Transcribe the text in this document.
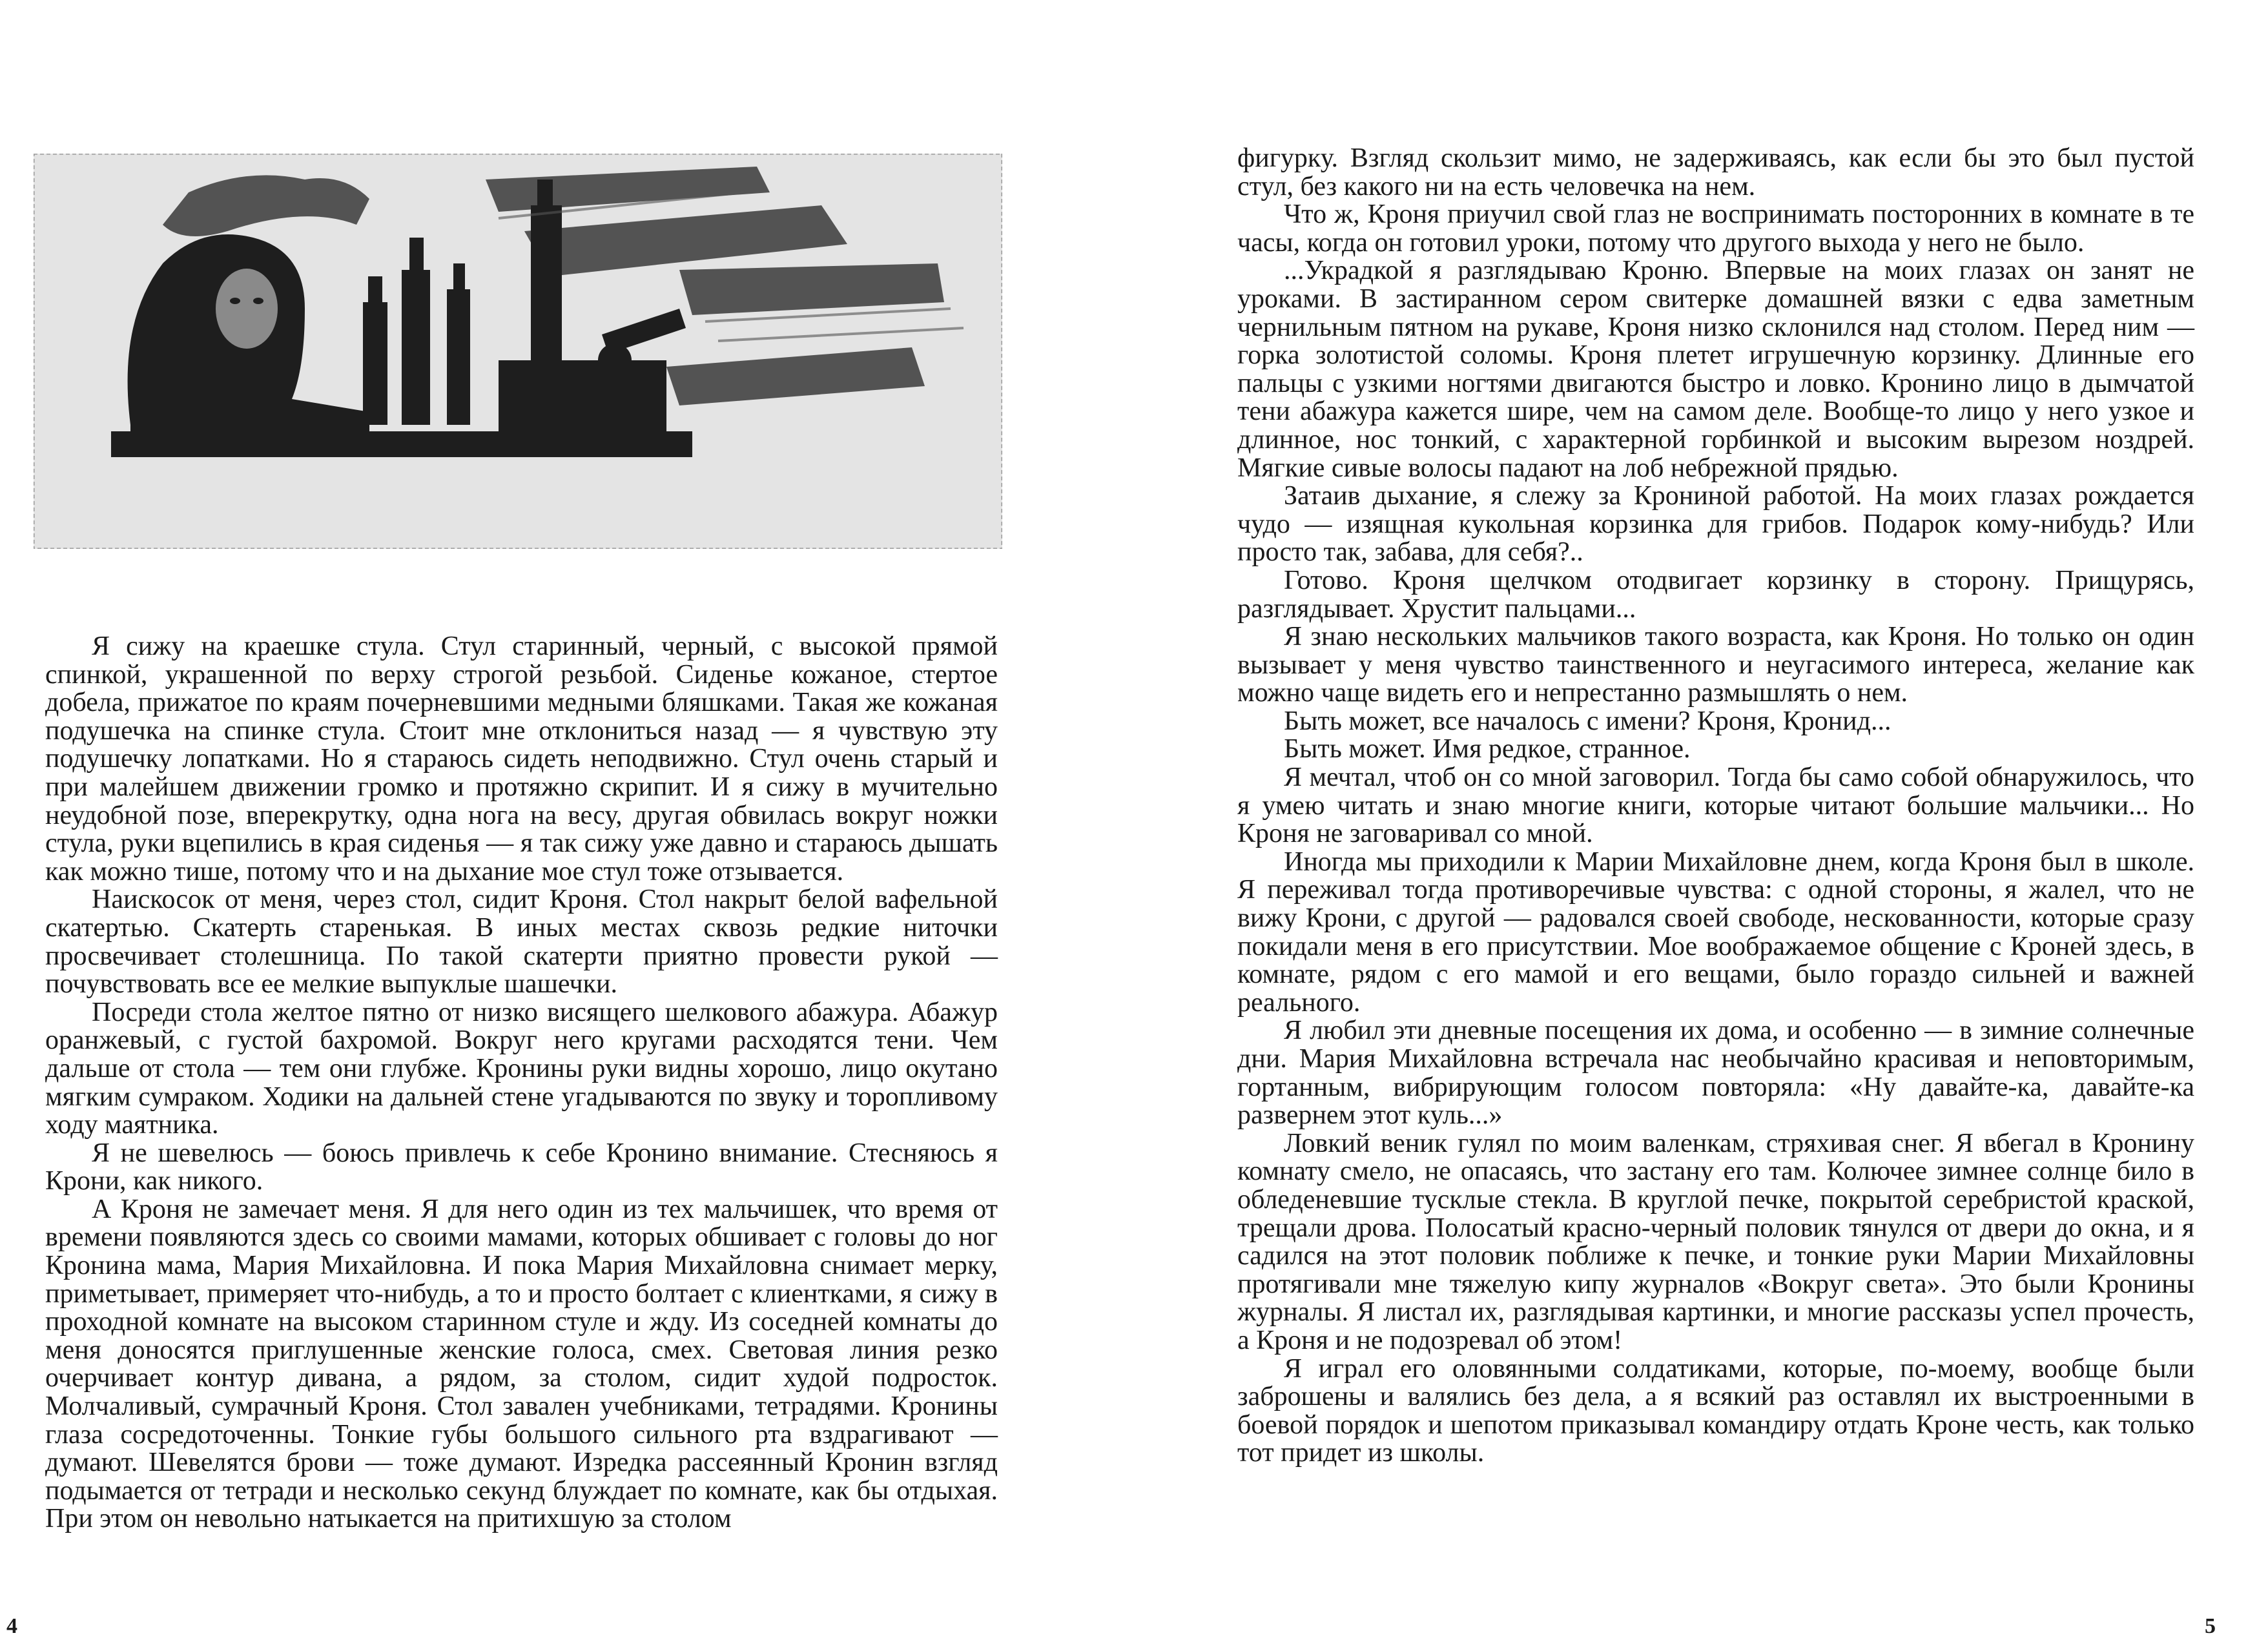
Я сижу на краешке стула. Стул старинный, черный, с высокой прямой спинкой, украшенной по верху строгой резьбой. Сиденье кожаное, стертое добела, прижатое по краям почерневшими медными бляшками. Такая же кожаная подушечка на спинке стула. Стоит мне отклониться назад — я чувствую эту подушечку лопатками. Но я стараюсь сидеть неподвижно. Стул очень старый и при малейшем движении громко и протяжно скрипит. И я сижу в мучительно неудобной позе, вперекрутку, одна нога на весу, другая обвилась вокруг ножки стула, руки вцепились в края сиденья — я так сижу уже давно и стараюсь дышать как можно тише, потому что и на дыхание мое стул тоже отзывается.

Наискосок от меня, через стол, сидит Кроня. Стол накрыт белой вафельной скатертью. Скатерть старенькая. В иных местах сквозь редкие ниточки просвечивает столешница. По такой скатерти приятно провести рукой — почувствовать все ее мелкие выпуклые шашечки.

Посреди стола желтое пятно от низко висящего шелкового абажура. Абажур оранжевый, с густой бахромой. Вокруг него кругами расходятся тени. Чем дальше от стола — тем они глубже. Кронины руки видны хорошо, лицо окутано мягким сумраком. Ходики на дальней стене угадываются по звуку и торопливому ходу маятника.

Я не шевелюсь — боюсь привлечь к себе Кронино внимание. Стесняюсь я Крони, как никого.

А Кроня не замечает меня. Я для него один из тех мальчишек, что время от времени появляются здесь со своими мамами, которых обшивает с головы до ног Кронина мама, Мария Михайловна. И пока Мария Михайловна снимает мерку, приметывает, примеряет что-нибудь, а то и просто болтает с клиентками, я сижу в проходной комнате на высоком старинном стуле и жду. Из соседней комнаты до меня доносятся приглушенные женские голоса, смех. Световая линия резко очерчивает контур дивана, а рядом, за столом, сидит худой подросток. Молчаливый, сумрачный Кроня. Стол завален учебниками, тетрадями. Кронины глаза сосредоточенны. Тонкие губы большого сильного рта вздрагивают — думают. Шевелятся брови — тоже думают. Изредка рассеянный Кронин взгляд подымается от тетради и несколько секунд блуждает по комнате, как бы отдыхая. При этом он невольно натыкается на притихшую за столом

4

фигурку. Взгляд скользит мимо, не задерживаясь, как если бы это был пустой стул, без какого ни на есть человечка на нем.

Что ж, Кроня приучил свой глаз не воспринимать посторонних в комнате в те часы, когда он готовил уроки, потому что другого выхода у него не было.

...Украдкой я разглядываю Кроню. Впервые на моих глазах он занят не уроками. В застиранном сером свитерке домашней вязки с едва заметным чернильным пятном на рукаве, Кроня низко склонился над столом. Перед ним — горка золотистой соломы. Кроня плетет игрушечную корзинку. Длинные его пальцы с узкими ногтями двигаются быстро и ловко. Кронино лицо в дымчатой тени абажура кажется шире, чем на самом деле. Вообще-то лицо у него узкое и длинное, нос тонкий, с характерной горбинкой и высоким вырезом ноздрей. Мягкие сивые волосы падают на лоб небрежной прядью.

Затаив дыхание, я слежу за Крониной работой. На моих глазах рождается чудо — изящная кукольная корзинка для грибов. Подарок кому-нибудь? Или просто так, забава, для себя?..

Готово. Кроня щелчком отодвигает корзинку в сторону. Прищурясь, разглядывает. Хрустит пальцами...

Я знаю нескольких мальчиков такого возраста, как Кроня. Но только он один вызывает у меня чувство таинственного и неугасимого интереса, желание как можно чаще видеть его и непрестанно размышлять о нем.

Быть может, все началось с имени? Кроня, Кронид...

Быть может. Имя редкое, странное.

Я мечтал, чтоб он со мной заговорил. Тогда бы само собой обнаружилось, что я умею читать и знаю многие книги, которые читают большие мальчики... Но Кроня не заговаривал со мной.

Иногда мы приходили к Марии Михайловне днем, когда Кроня был в школе. Я переживал тогда противоречивые чувства: с одной стороны, я жалел, что не вижу Крони, с другой — радовался своей свободе, нескованности, которые сразу покидали меня в его присутствии. Мое воображаемое общение с Кроней здесь, в комнате, рядом с его мамой и его вещами, было гораздо сильней и важней реального.

Я любил эти дневные посещения их дома, и особенно — в зимние солнечные дни. Мария Михайловна встречала нас необычайно красивая и неповторимым, гортанным, вибрирующим голосом повторяла: «Ну давайте-ка, давайте-ка развернем этот куль...»

Ловкий веник гулял по моим валенкам, стряхивая снег. Я вбегал в Кронину комнату смело, не опасаясь, что застану его там. Колючее зимнее солнце било в обледеневшие тусклые стекла. В круглой печке, покрытой серебристой краской, трещали дрова. Полосатый красно-черный половик тянулся от двери до окна, и я садился на этот половик поближе к печке, и тонкие руки Марии Михайловны протягивали мне тяжелую кипу журналов «Вокруг света». Это были Кронины журналы. Я листал их, разглядывая картинки, и многие рассказы успел прочесть, а Кроня и не подозревал об этом!

Я играл его оловянными солдатиками, которые, по-моему, вообще были заброшены и валялись без дела, а я всякий раз оставлял их выстроенными в боевой порядок и шепотом приказывал командиру отдать Кроне честь, как только тот придет из школы.

5
